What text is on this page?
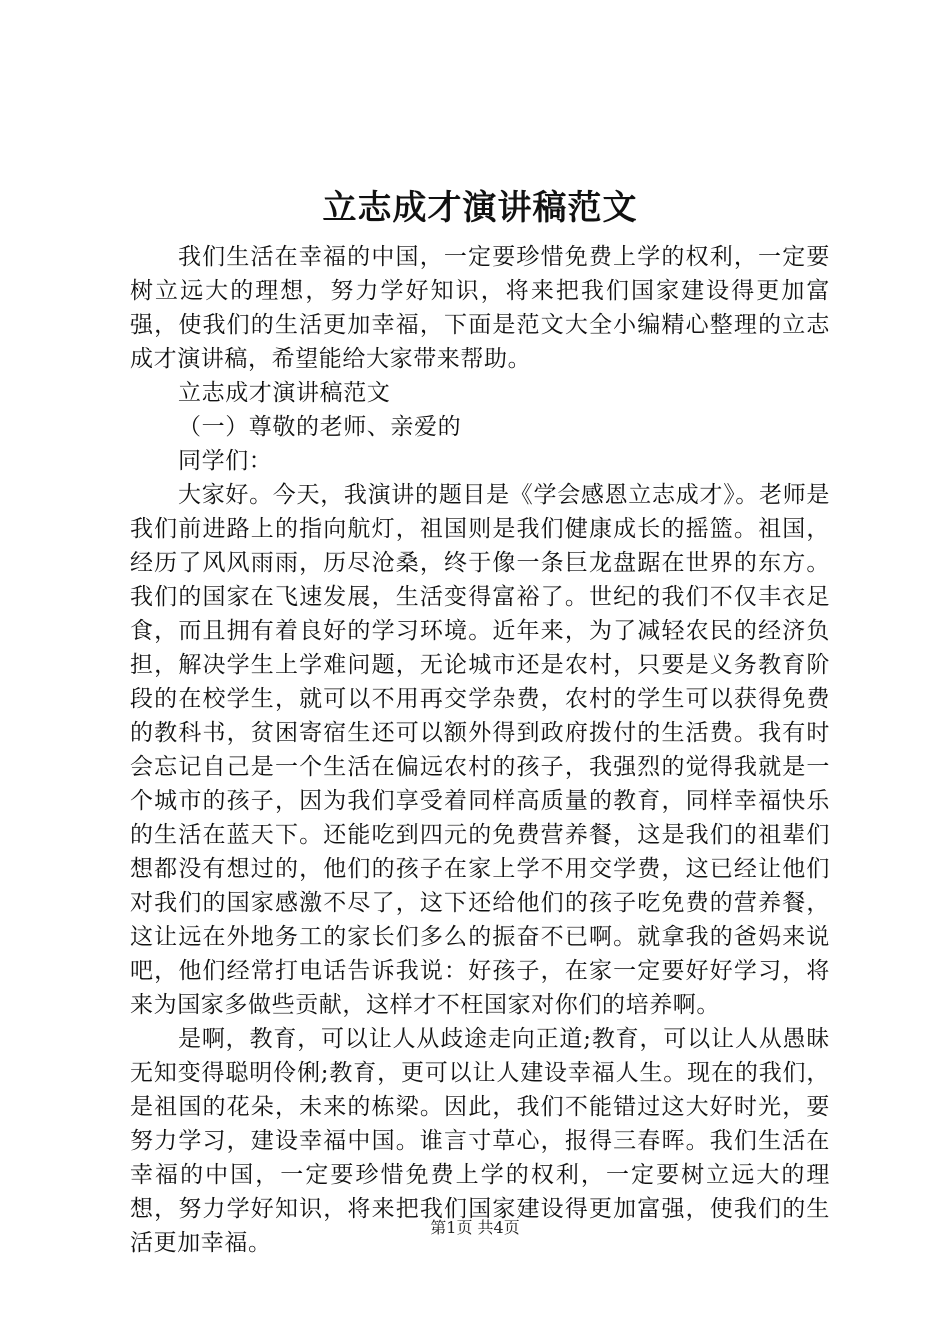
立志成才演讲稿范文

我们生活在幸福的中国，一定要珍惜免费上学的权利，一定要树立远大的理想，努力学好知识，将来把我们国家建设得更加富强，使我们的生活更加幸福，下面是范文大全小编精心整理的立志成才演讲稿，希望能给大家带来帮助。

立志成才演讲稿范文

（一）尊敬的老师、亲爱的

同学们：

大家好。今天，我演讲的题目是《学会感恩立志成才》。老师是我们前进路上的指向航灯，祖国则是我们健康成长的摇篮。祖国，经历了风风雨雨，历尽沧桑，终于像一条巨龙盘踞在世界的东方。我们的国家在飞速发展，生活变得富裕了。世纪的我们不仅丰衣足食，而且拥有着良好的学习环境。近年来，为了减轻农民的经济负担，解决学生上学难问题，无论城市还是农村，只要是义务教育阶段的在校学生，就可以不用再交学杂费，农村的学生可以获得免费的教科书，贫困寄宿生还可以额外得到政府拨付的生活费。我有时会忘记自己是一个生活在偏远农村的孩子，我强烈的觉得我就是一个城市的孩子，因为我们享受着同样高质量的教育，同样幸福快乐的生活在蓝天下。还能吃到四元的免费营养餐，这是我们的祖辈们想都没有想过的，他们的孩子在家上学不用交学费，这已经让他们对我们的国家感激不尽了，这下还给他们的孩子吃免费的营养餐，这让远在外地务工的家长们多么的振奋不已啊。就拿我的爸妈来说吧，他们经常打电话告诉我说：好孩子，在家一定要好好学习，将来为国家多做些贡献，这样才不枉国家对你们的培养啊。

是啊，教育，可以让人从歧途走向正道;教育，可以让人从愚昧无知变得聪明伶俐;教育，更可以让人建设幸福人生。现在的我们，是祖国的花朵，未来的栋梁。因此，我们不能错过这大好时光，要努力学习，建设幸福中国。谁言寸草心，报得三春晖。我们生活在幸福的中国，一定要珍惜免费上学的权利，一定要树立远大的理想，努力学好知识，将来把我们国家建设得更加富强，使我们的生活更加幸福。

第1页 共4页
